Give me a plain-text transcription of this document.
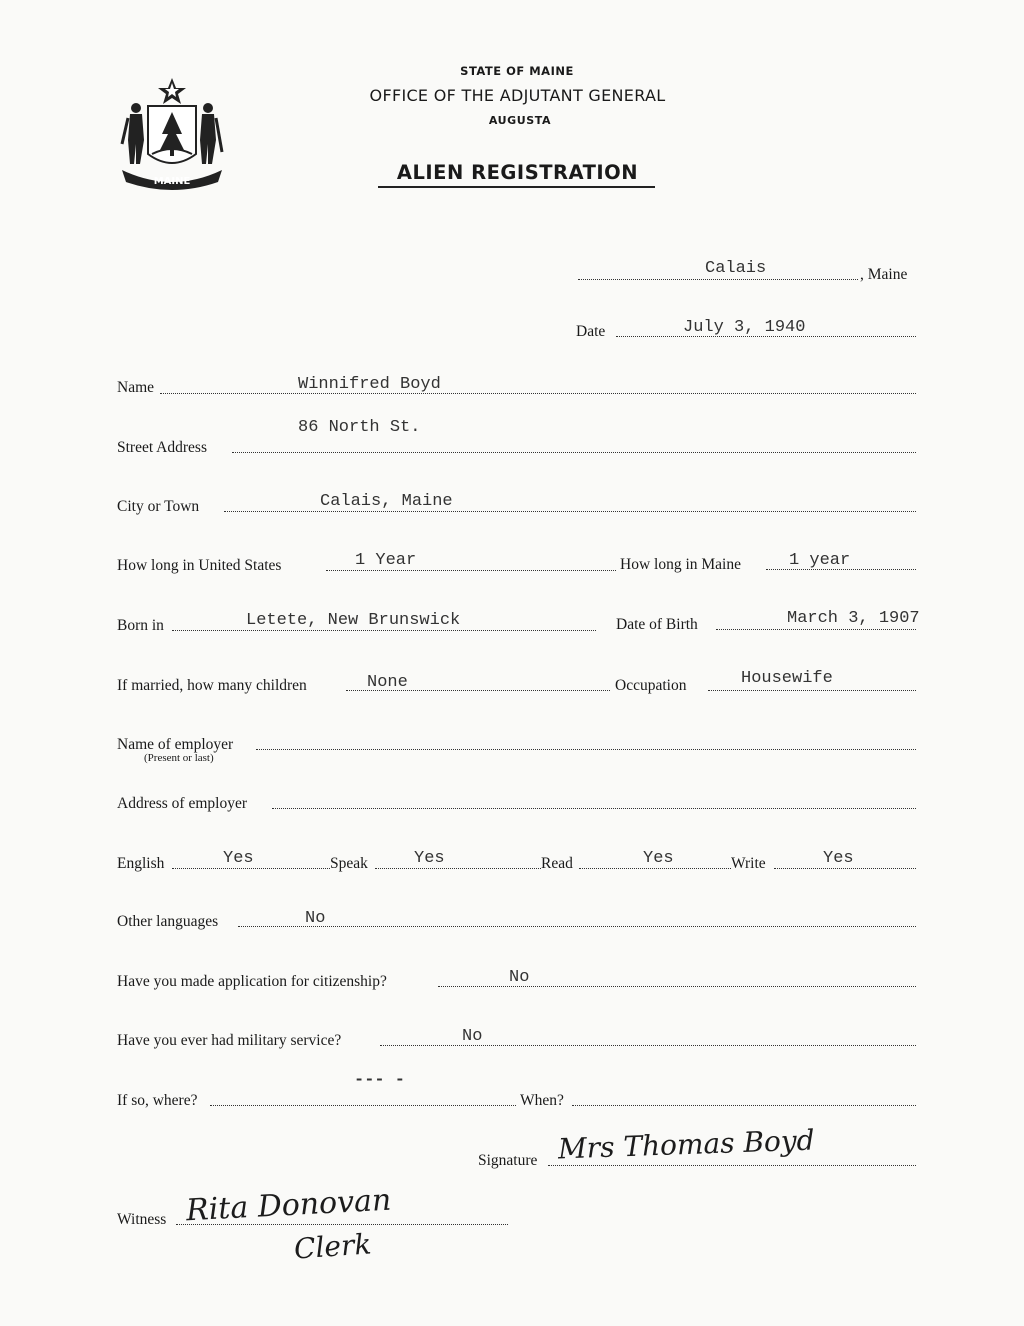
MAINE
STATE OF MAINE
OFFICE OF THE ADJUTANT GENERAL
AUGUSTA
ALIEN REGISTRATION
Calais	, Maine
Date	July 3, 1940
Name	Winnifred Boyd
86 North St.
Street Address
City or Town	Calais, Maine
How long in United States	1 Year	How long in Maine	1 year
Born in	Letete, New Brunswick	Date of Birth	March 3, 1907
If married, how many children	None	Occupation	Housewife
Name of employer
(Present or last)
Address of employer
English	Yes	Speak	Yes	Read	Yes	Write	Yes
Other languages	No
Have you made application for citizenship?	No
Have you ever had military service?	No
--- -
If so, where?	When?
Signature Mrs Thomas Boyd
Witness Rita Donovan
Clerk
